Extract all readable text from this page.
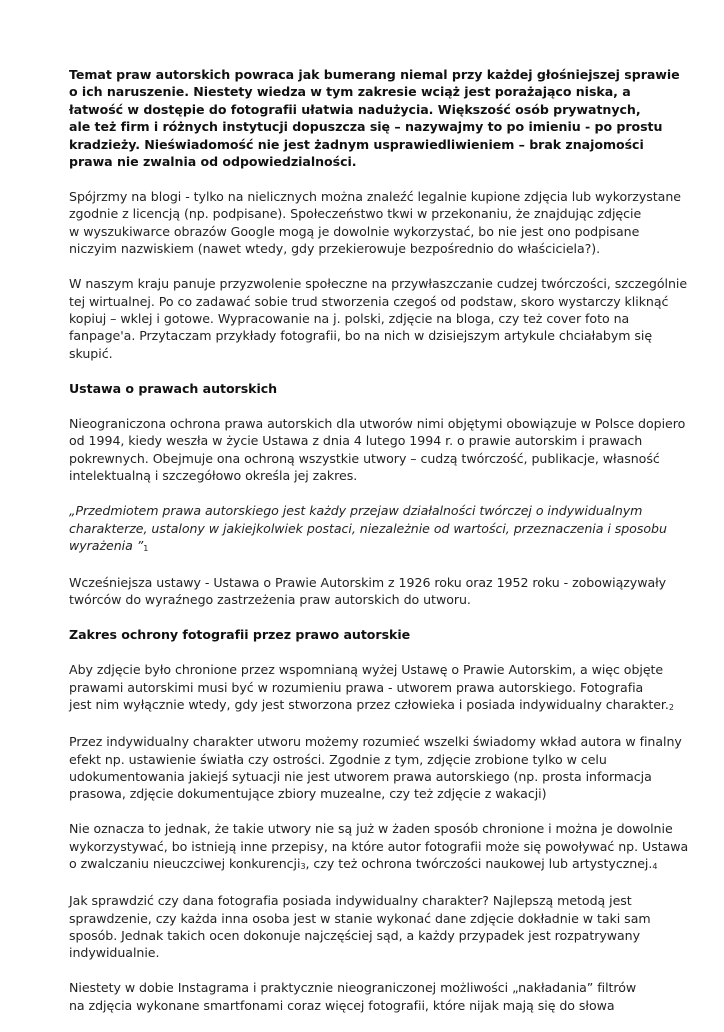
Temat praw autorskich powraca jak bumerang niemal przy każdej głośniejszej sprawie
o ich naruszenie. Niestety wiedza w tym zakresie wciąż jest porażająco niska, a
łatwość w dostępie do fotografii ułatwia nadużycia. Większość osób prywatnych,
ale też firm i różnych instytucji dopuszcza się – nazywajmy to po imieniu - po prostu
kradzieży. Nieświadomość nie jest żadnym usprawiedliwieniem – brak znajomości
prawa nie zwalnia od odpowiedzialności.

Spójrzmy na blogi - tylko na nielicznych można znaleźć legalnie kupione zdjęcia lub wykorzystane
zgodnie z licencją (np. podpisane). Społeczeństwo tkwi w przekonaniu, że znajdując zdjęcie
w wyszukiwarce obrazów Google mogą je dowolnie wykorzystać, bo nie jest ono podpisane
niczyim nazwiskiem (nawet wtedy, gdy przekierowuje bezpośrednio do właściciela?).

W naszym kraju panuje przyzwolenie społeczne na przywłaszczanie cudzej twórczości, szczególnie
tej wirtualnej. Po co zadawać sobie trud stworzenia czegoś od podstaw, skoro wystarczy kliknąć
kopiuj – wklej i gotowe. Wypracowanie na j. polski, zdjęcie na bloga, czy też cover foto na
fanpage'a. Przytaczam przykłady fotografii, bo na nich w dzisiejszym artykule chciałabym się
skupić.

Ustawa o prawach autorskich

Nieograniczona ochrona prawa autorskich dla utworów nimi objętymi obowiązuje w Polsce dopiero
od 1994, kiedy weszła w życie Ustawa z dnia 4 lutego 1994 r. o prawie autorskim i prawach
pokrewnych. Obejmuje ona ochroną wszystkie utwory – cudzą twórczość, publikacje, własność
intelektualną i szczegółowo określa jej zakres.

„Przedmiotem prawa autorskiego jest każdy przejaw działalności twórczej o indywidualnym
charakterze, ustalony w jakiejkolwiek postaci, niezależnie od wartości, przeznaczenia i sposobu
wyrażenia ”1

Wcześniejsza ustawy - Ustawa o Prawie Autorskim z 1926 roku oraz 1952 roku - zobowiązywały
twórców do wyraźnego zastrzeżenia praw autorskich do utworu.

Zakres ochrony fotografii przez prawo autorskie

Aby zdjęcie było chronione przez wspomnianą wyżej Ustawę o Prawie Autorskim, a więc objęte
prawami autorskimi musi być w rozumieniu prawa - utworem prawa autorskiego. Fotografia
jest nim wyłącznie wtedy, gdy jest stworzona przez człowieka i posiada indywidualny charakter.2

Przez indywidualny charakter utworu możemy rozumieć wszelki świadomy wkład autora w finalny
efekt np. ustawienie światła czy ostrości. Zgodnie z tym, zdjęcie zrobione tylko w celu
udokumentowania jakiejś sytuacji nie jest utworem prawa autorskiego (np. prosta informacja
prasowa, zdjęcie dokumentujące zbiory muzealne, czy też zdjęcie z wakacji)

Nie oznacza to jednak, że takie utwory nie są już w żaden sposób chronione i można je dowolnie
wykorzystywać, bo istnieją inne przepisy, na które autor fotografii może się powoływać np. Ustawa
o zwalczaniu nieuczciwej konkurencji3, czy też ochrona twórczości naukowej lub artystycznej.4

Jak sprawdzić czy dana fotografia posiada indywidualny charakter? Najlepszą metodą jest
sprawdzenie, czy każda inna osoba jest w stanie wykonać dane zdjęcie dokładnie w taki sam
sposób. Jednak takich ocen dokonuje najczęściej sąd, a każdy przypadek jest rozpatrywany
indywidualnie.

Niestety w dobie Instagrama i praktycznie nieograniczonej możliwości „nakładania” filtrów
na zdjęcia wykonane smartfonami coraz więcej fotografii, które nijak mają się do słowa
